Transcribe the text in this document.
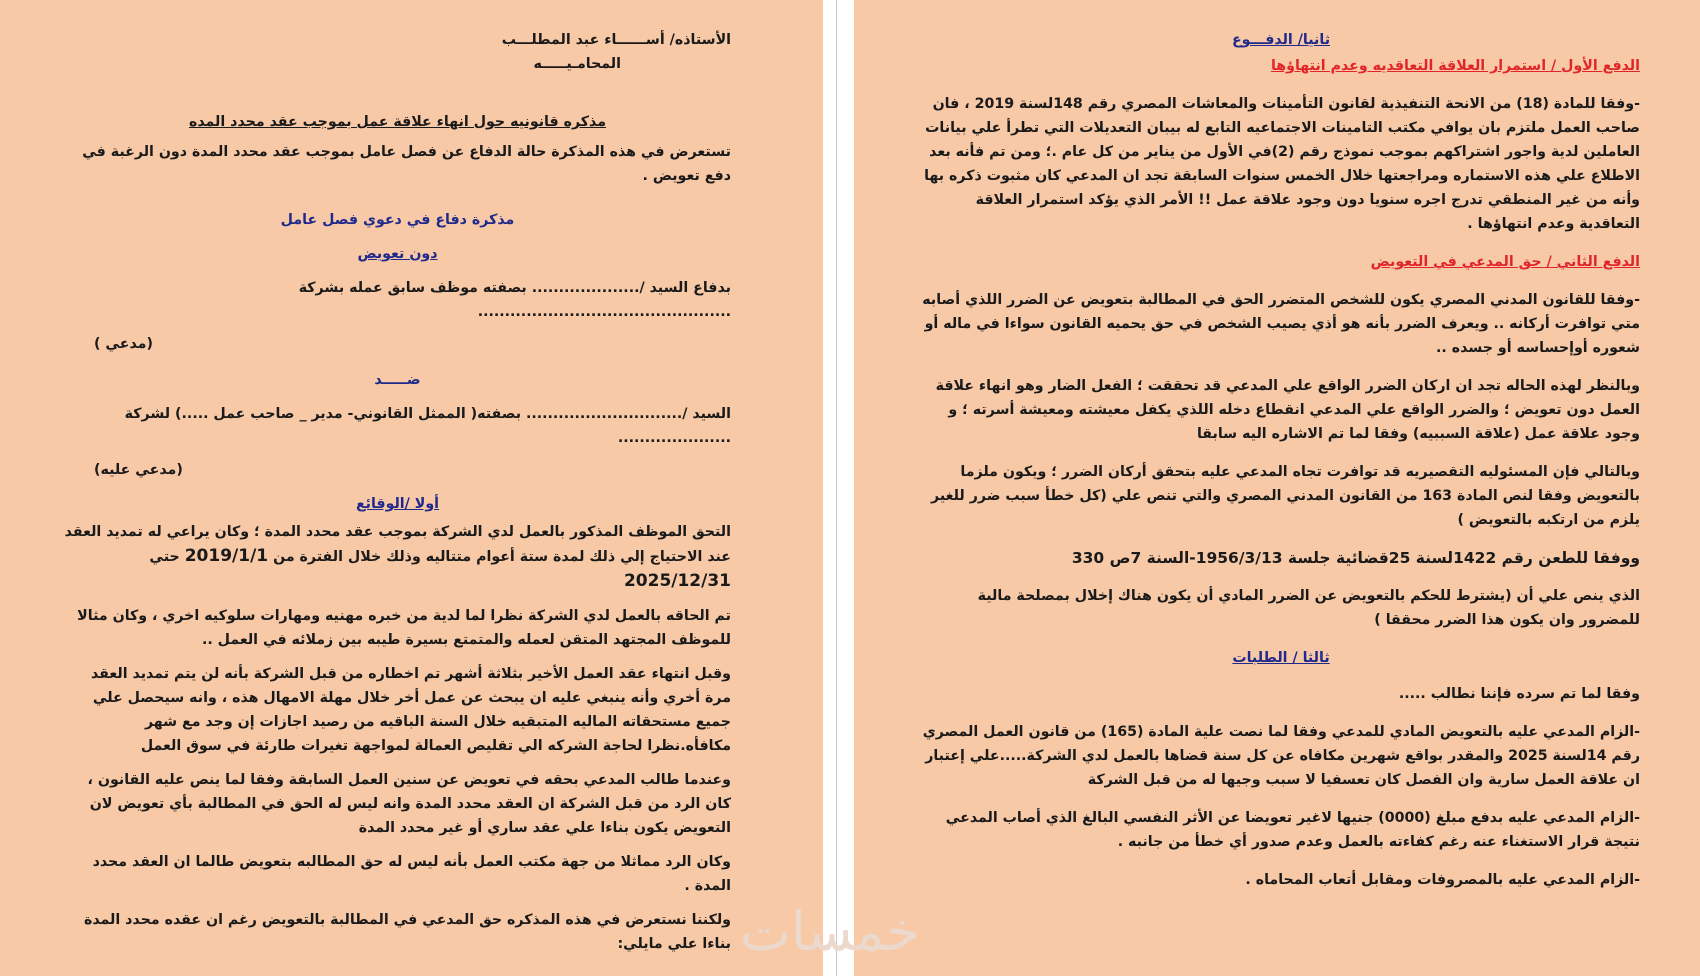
الأستاذه/ أســــــاء عبد المطلـــب

المحامـيـــــه

مذكره قانونيه حول انهاء علاقة عمل بموجب عقد محدد المده

تستعرض في هذه المذكرة حالة الدفاع عن فصل عامل بموجب عقد محدد المدة دون الرغبة في دفع تعويض .

مذكرة دفاع في دعوي فصل عامل

دون تعويض

بدفاع السيد /.................... بصفته موظف سابق عمله بشركة ...............................................

(مدعي )

ضـــــد

السيد /............................. بصفته( الممثل القانوني- مدير _ صاحب عمل .....) لشركة .....................

(مدعي عليه)

أولا /الوقائع

التحق الموظف المذكور بالعمل لدي الشركة بموجب عقد محدد المدة ؛ وكان يراعي له تمديد العقد عند الاحتياج إلي ذلك لمدة ستة أعوام متتاليه وذلك خلال الفترة من 2019/1/1 حتي 2025/12/31

تم الحاقه بالعمل لدي الشركة نظرا لما لدية من خبره مهنيه ومهارات سلوكيه اخري ، وكان مثالا للموظف المجتهد المتقن لعمله والمتمتع بسيرة طيبه بين زملائه في العمل ..

وقبل انتهاء عقد العمل الأخير بثلاثة أشهر تم اخطاره من قبل الشركة بأنه لن يتم تمديد العقد مرة أخري وأنه ينبغي عليه ان يبحث عن عمل أخر خلال مهلة الامهال هذه ، وانه سيحصل علي جميع مستحقاته الماليه المتبقيه خلال السنة الباقيه من رصيد اجازات إن وجد مع شهر مكافأه.نظرا لحاجة الشركه الي تقليص العمالة لمواجهة تغيرات طارئة في سوق العمل

وعندما طالب المدعي بحقه في تعويض عن سنين العمل السابقة وفقا لما ينص عليه القانون ، كان الرد من قبل الشركة ان العقد محدد المدة وانه ليس له الحق في المطالبة بأي تعويض لان التعويض يكون بناءا علي عقد ساري أو غير محدد المدة

وكان الرد مماثلا من جهة مكتب العمل بأنه ليس له حق المطالبه بتعويض طالما ان العقد محدد المدة .

ولكننا نستعرض في هذه المذكره حق المدعي في المطالبة بالتعويض رغم ان عقده محدد المدة بناءا علي مايلي:

ثانيا/ الدفـــوع

الدفع الأول / استمرار العلاقة التعاقديه وعدم انتهاؤها

-وفقا للمادة (18) من الانحة التنفيذية لقانون التأمينات والمعاشات المصري رقم 148لسنة 2019 ، فان صاحب العمل ملتزم بان يوافي مكتب التامينات الاجتماعيه التابع له بيبان التعديلات التي تطرأ علي بيانات العاملين لدية واجور اشتراكهم بموجب نموذج رقم (2)في الأول من يناير من كل عام .؛ ومن تم فأنه بعد الاطلاع علي هذه الاستماره ومراجعتها خلال الخمس سنوات السابقة تجد ان المدعي كان مثبوت ذكره بها وأنه من غير المنطقي تدرج اجره سنويا دون وجود علاقة عمل !! الأمر الذي يؤكد استمرار العلاقة التعاقدية وعدم انتهاؤها .

الدفع الثاني / حق المدعي في التعويض

-وفقا للقانون المدني المصري يكون للشخص المتضرر الحق في المطالبة بتعويض عن الضرر اللذي أصابه متي توافرت أركانه .. ويعرف الضرر بأنه هو أذي يصيب الشخص في حق يحميه القانون سواءا في ماله أو شعوره أوإحساسه أو جسده ..

وبالنظر لهذه الحاله تجد ان اركان الضرر الواقع علي المدعي قد تحققت ؛ الفعل الضار وهو انهاء علاقة العمل دون تعويض ؛ والضرر الواقع علي المدعي انقطاع دخله اللذي يكفل معيشته ومعيشة أسرته ؛ و وجود علاقة عمل (علاقة السببيه) وفقا لما تم الاشاره اليه سابقا

وبالتالي فإن المسئوليه التقصيريه قد توافرت تجاه المدعي عليه بتحقق أركان الضرر ؛ ويكون ملزما بالتعويض وفقا لنص المادة 163 من القانون المدني المصري والتي تنص علي (كل خطأ سبب ضرر للغير يلزم من ارتكبه بالتعويض )

ووفقا للطعن رقم 1422لسنة 25قضائية جلسة 1956/3/13-السنة 7ص 330

الذي ينص علي أن (يشترط للحكم بالتعويض عن الضرر المادي أن يكون هناك إخلال بمصلحة مالية للمضرور وان يكون هذا الضرر محققا )

ثالثا / الطلبات

وفقا لما تم سرده فإننا نطالب .....

-الزام المدعي عليه بالتعويض المادي للمدعي وفقا لما نصت علية المادة (165) من قانون العمل المصري رقم 14لسنة 2025 والمقدر بواقع شهرين مكافاه عن كل سنة قضاها بالعمل لدي الشركة.....علي إعتبار ان علاقة العمل سارية وان الفصل كان تعسفيا لا سبب وجيها له من قبل الشركة

-الزام المدعي عليه بدفع مبلغ (0000) جنيها لاغير تعويضا عن الأثر النفسي البالغ الذي أصاب المدعي نتيجة قرار الاستغناء عنه رغم كفاءته بالعمل وعدم صدور أي خطأ من جانبه .

-الزام المدعي عليه بالمصروفات ومقابل أتعاب المحاماه .

خمسات
